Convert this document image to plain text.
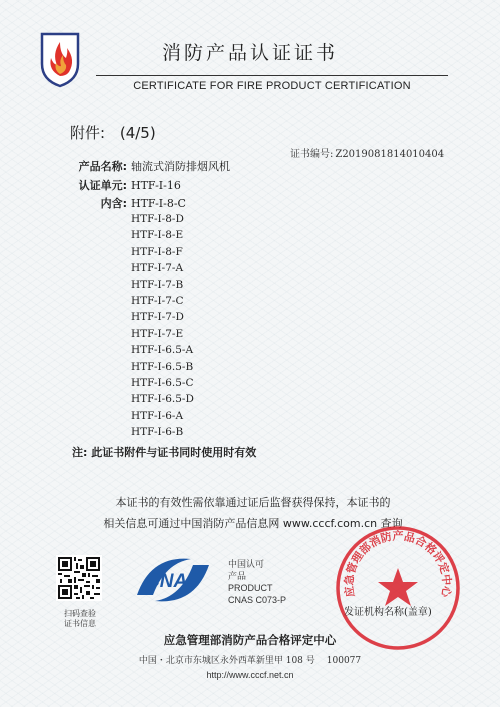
消防产品认证证书
CERTIFICATE FOR FIRE PRODUCT CERTIFICATION
附件: (4/5)
证书编号: Z2019081814010404
产品名称: 轴流式消防排烟风机
认证单元: HTF-Ⅰ-16
内含: HTF-Ⅰ-8-C
HTF-Ⅰ-8-D
HTF-Ⅰ-8-E
HTF-Ⅰ-8-F
HTF-Ⅰ-7-A
HTF-Ⅰ-7-B
HTF-Ⅰ-7-C
HTF-Ⅰ-7-D
HTF-Ⅰ-7-E
HTF-Ⅰ-6.5-A
HTF-Ⅰ-6.5-B
HTF-Ⅰ-6.5-C
HTF-Ⅰ-6.5-D
HTF-Ⅰ-6-A
HTF-Ⅰ-6-B
注: 此证书附件与证书同时使用时有效
本证书的有效性需依靠通过证后监督获得保持，本证书的
相关信息可通过中国消防产品信息网 www.cccf.com.cn 查询
扫码查验
证书信息
CNAS
中国认可
产品
PRODUCT
CNAS C073-P
应急管理部消防产品合格评定中心
发证机构名称(盖章)
应急管理部消防产品合格评定中心
中国・北京市东城区永外西革新里甲 108 号 100077
http://www.cccf.net.cn
